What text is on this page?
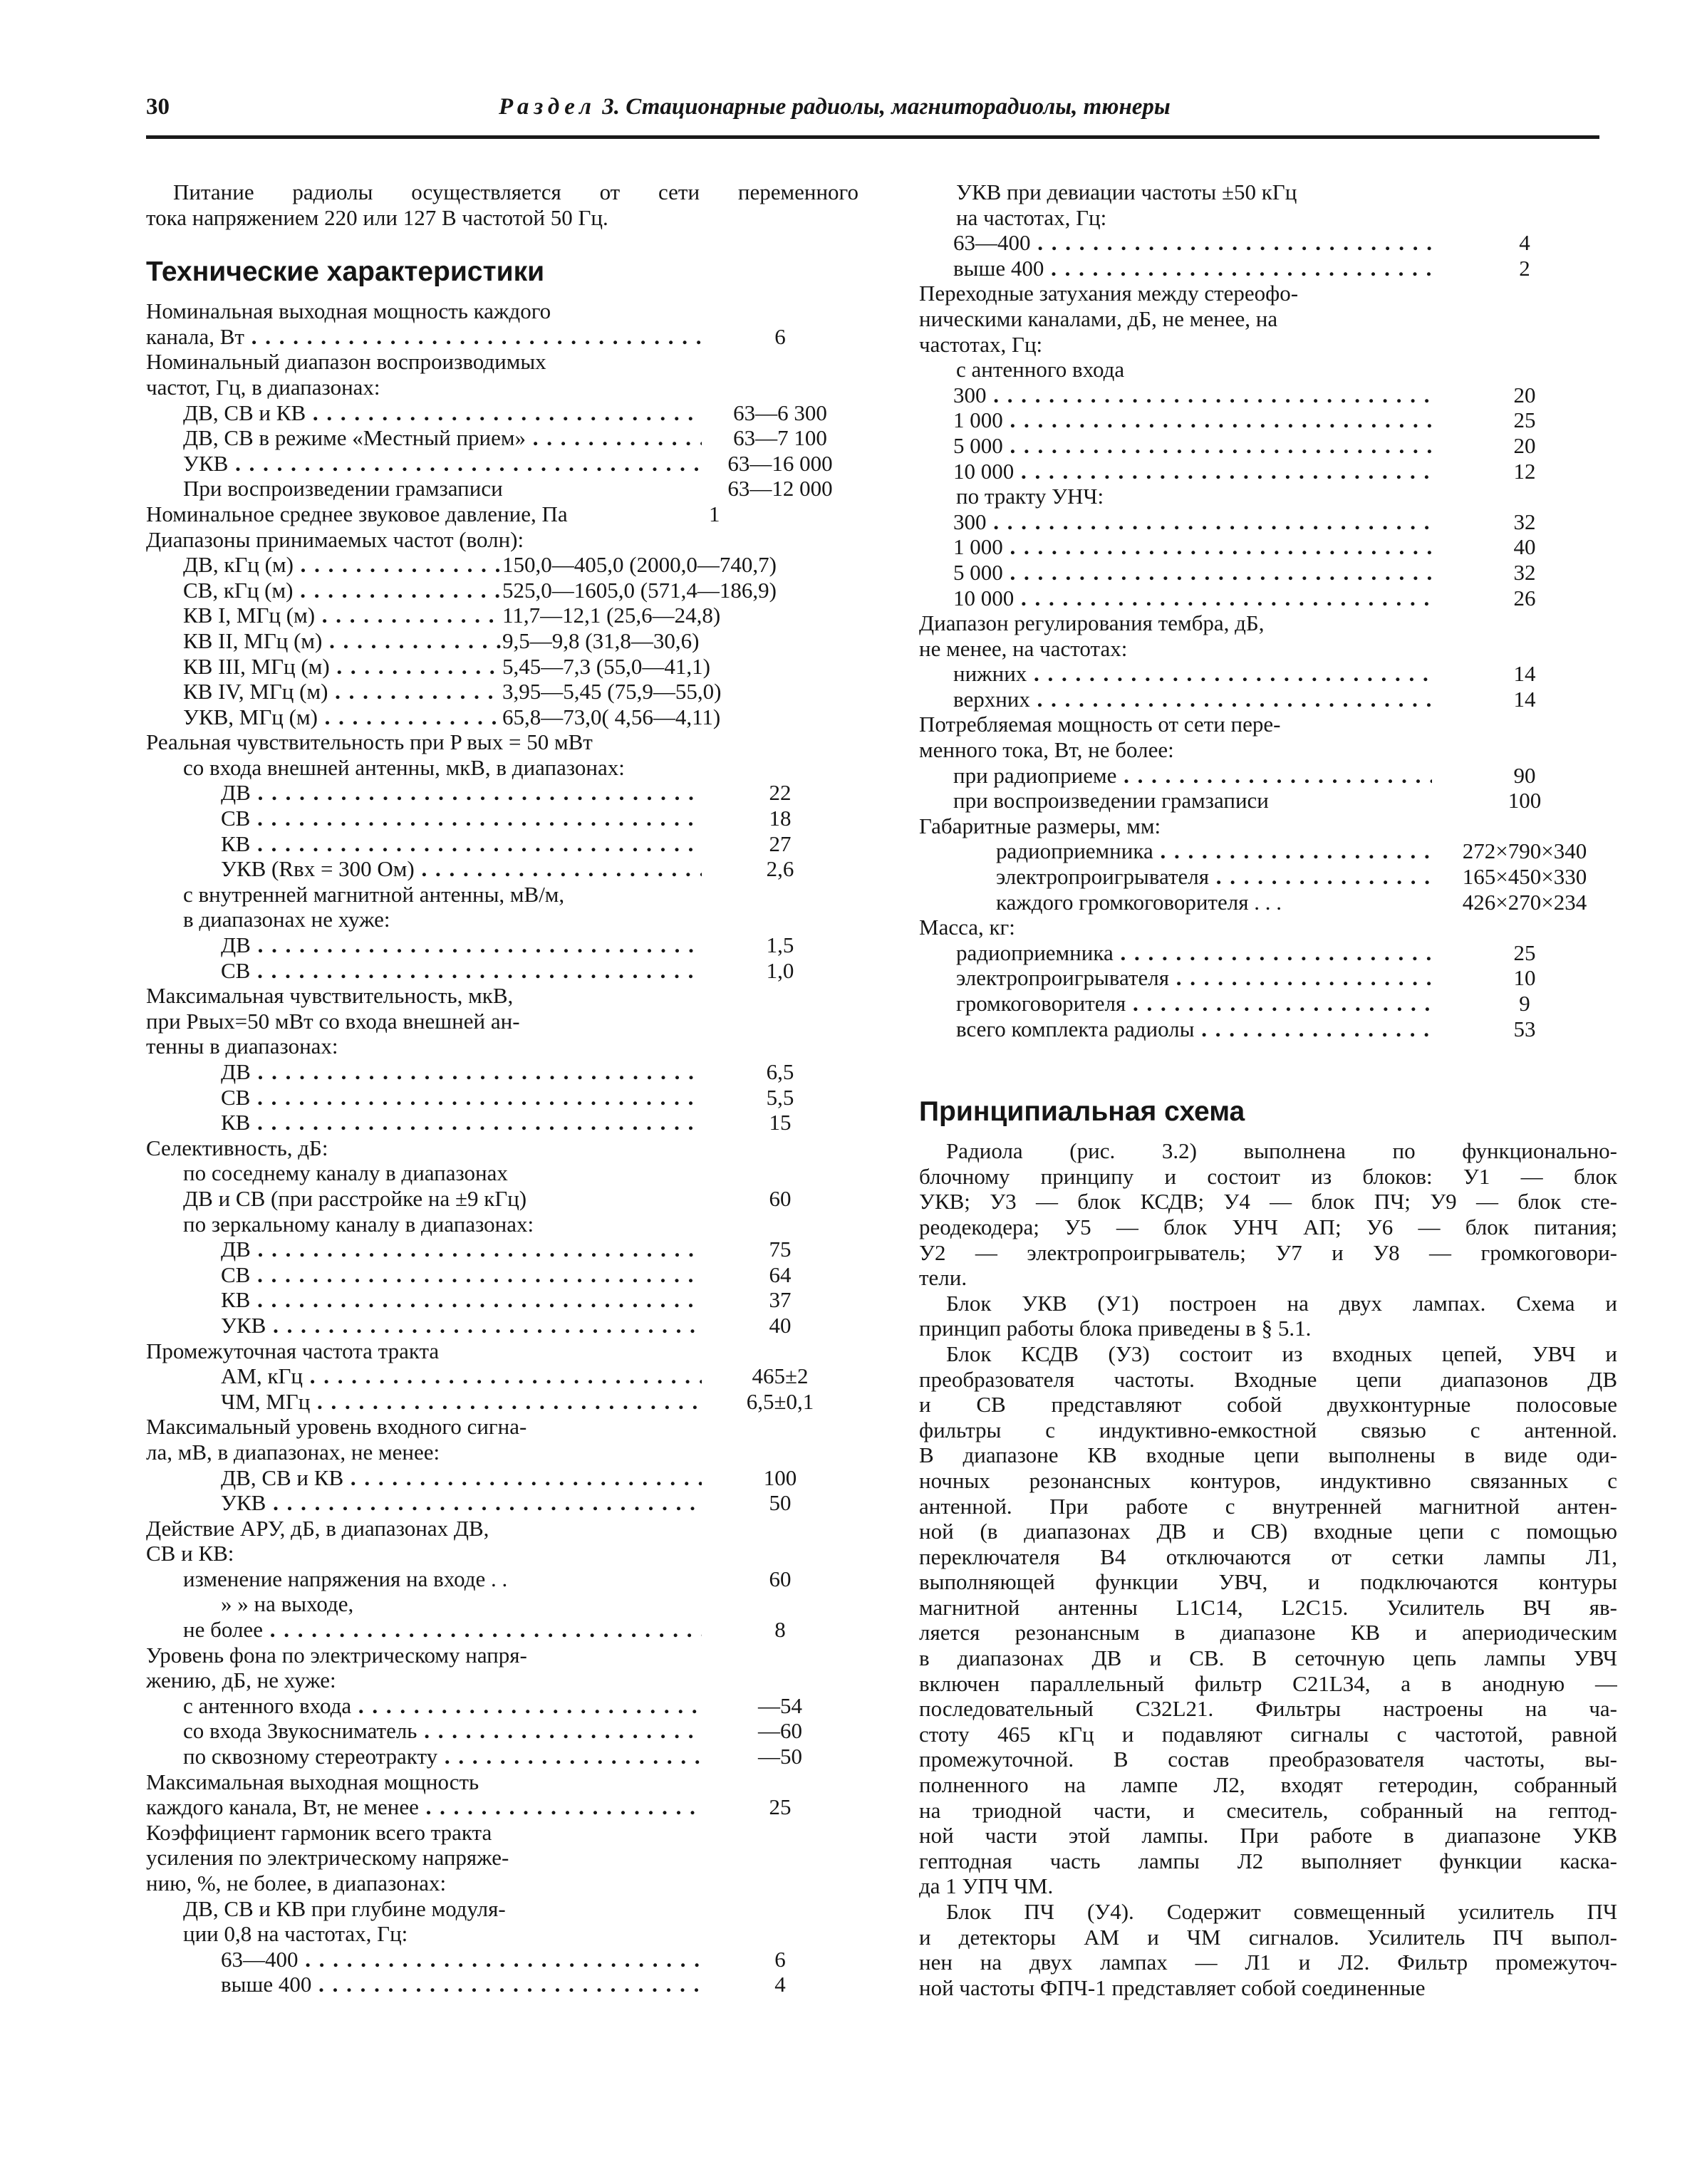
30	Раздел 3. Стационарные радиолы, магниторадиолы, тюнеры
Питание радиолы осуществляется от сети переменного
тока напряжением 220 или 127 В частотой 50 Гц.
Технические характеристики
Номинальная выходная мощность каждого
канала, Вт . . .	6
Номинальный диапазон воспроизводимых
частот, Гц, в диапазонах:
ДВ, СВ и КВ . . .	63—6 300
ДВ, СВ в режиме «Местный прием» . . .	63—7 100
УКВ . . .	63—16 000
При воспроизведении грамзаписи	63—12 000
Номинальное среднее звуковое давление, Па	1
Диапазоны принимаемых частот (волн):
ДВ, кГц (м) . . .	150,0—405,0 (2000,0—740,7)
СВ, кГц (м) . . .	525,0—1605,0 (571,4—186,9)
КВ I, МГц (м) . . .	11,7—12,1 (25,6—24,8)
КВ II, МГц (м) . . .	9,5—9,8 (31,8—30,6)
КВ III, МГц (м) . . .	5,45—7,3 (55,0—41,1)
КВ IV, МГц (м) . . .	3,95—5,45 (75,9—55,0)
УКВ, МГц (м) . . .	65,8—73,0( 4,56—4,11)
Реальная чувствительность при P вых = 50 мВт
со входа внешней антенны, мкВ, в диапазонах:
ДВ . . .	22
СВ . . .	18
КВ . . .	27
УКВ (Rвх = 300 Ом) . . .	2,6
с внутренней магнитной антенны, мВ/м,
в диапазонах не хуже:
ДВ . . .	1,5
СВ . . .	1,0
Максимальная чувствительность, мкВ,
при Pвых=50 мВт со входа внешней ан-
тенны в диапазонах:
ДВ . . .	6,5
СВ . . .	5,5
КВ . . .	15
Селективность, дБ:
по соседнему каналу в диапазонах
ДВ и СВ (при расстройке на ±9 кГц)	60
по зеркальному каналу в диапазонах:
ДВ . . .	75
СВ . . .	64
КВ . . .	37
УКВ . . .	40
Промежуточная частота тракта
АМ, кГц . . .	465±2
ЧМ, МГц . . .	6,5±0,1
Максимальный уровень входного сигна-
ла, мВ, в диапазонах, не менее:
ДВ, СВ и КВ . . .	100
УКВ . . .	50
Действие АРУ, дБ, в диапазонах ДВ,
СВ и КВ:
изменение напряжения на входе . .	60
» » на выходе,
не более . . .	8
Уровень фона по электрическому напря-
жению, дБ, не хуже:
с антенного входа . . .	—54
со входа Звукосниматель . . .	—60
по сквозному стереотракту . . .	—50
Максимальная выходная мощность
каждого канала, Вт, не менее . . .	25
Коэффициент гармоник всего тракта
усиления по электрическому напряже-
нию, %, не более, в диапазонах:
ДВ, СВ и КВ при глубине модуля-
ции 0,8 на частотах, Гц:
63—400 . . .	6
выше 400 . . .	4
УКВ при девиации частоты ±50 кГц
на частотах, Гц:
63—400 . . .	4
выше 400 . . .	2
Переходные затухания между стереофо-
ническими каналами, дБ, не менее, на
частотах, Гц:
с антенного входа
300 . . .	20
1 000 . . .	25
5 000 . . .	20
10 000 . . .	12
по тракту УНЧ:
300 . . .	32
1 000 . . .	40
5 000 . . .	32
10 000 . . .	26
Диапазон регулирования тембра, дБ,
не менее, на частотах:
нижних . . .	14
верхних . . .	14
Потребляемая мощность от сети пере-
менного тока, Вт, не более:
при радиоприеме . . .	90
при воспроизведении грамзаписи	100
Габаритные размеры, мм:
радиоприемника . . .	272×790×340
электропроигрывателя . . .	165×450×330
каждого громкоговорителя . . .	426×270×234
Масса, кг:
радиоприемника . . .	25
электропроигрывателя . . .	10
громкоговорителя . . .	9
всего комплекта радиолы . . .	53
Принципиальная схема
Радиола (рис. 3.2) выполнена по функционально-
блочному принципу и состоит из блоков: У1 — блок
УКВ; У3 — блок КСДВ; У4 — блок ПЧ; У9 — блок сте-
реодекодера; У5 — блок УНЧ АП; У6 — блок питания;
У2 — электропроигрыватель; У7 и У8 — громкоговори-
тели.
Блок УКВ (У1) построен на двух лампах. Схема и
принцип работы блока приведены в § 5.1.
Блок КСДВ (У3) состоит из входных цепей, УВЧ и
преобразователя частоты. Входные цепи диапазонов ДВ
и СВ представляют собой двухконтурные полосовые
фильтры с индуктивно-емкостной связью с антенной.
В диапазоне КВ входные цепи выполнены в виде оди-
ночных резонансных контуров, индуктивно связанных с
антенной. При работе с внутренней магнитной антен-
ной (в диапазонах ДВ и СВ) входные цепи с помощью
переключателя В4 отключаются от сетки лампы Л1,
выполняющей функции УВЧ, и подключаются контуры
магнитной антенны L1C14, L2C15. Усилитель ВЧ яв-
ляется резонансным в диапазоне КВ и апериодическим
в диапазонах ДВ и СВ. В сеточную цепь лампы УВЧ
включен параллельный фильтр C21L34, а в анодную —
последовательный C32L21. Фильтры настроены на ча-
стоту 465 кГц и подавляют сигналы с частотой, равной
промежуточной. В состав преобразователя частоты, вы-
полненного на лампе Л2, входят гетеродин, собранный
на триодной части, и смеситель, собранный на гептод-
ной части этой лампы. При работе в диапазоне УКВ
гептодная часть лампы Л2 выполняет функции каска-
да 1 УПЧ ЧМ.
Блок ПЧ (У4). Содержит совмещенный усилитель ПЧ
и детекторы АМ и ЧМ сигналов. Усилитель ПЧ выпол-
нен на двух лампах — Л1 и Л2. Фильтр промежуточ-
ной частоты ФПЧ-1 представляет собой соединенные
